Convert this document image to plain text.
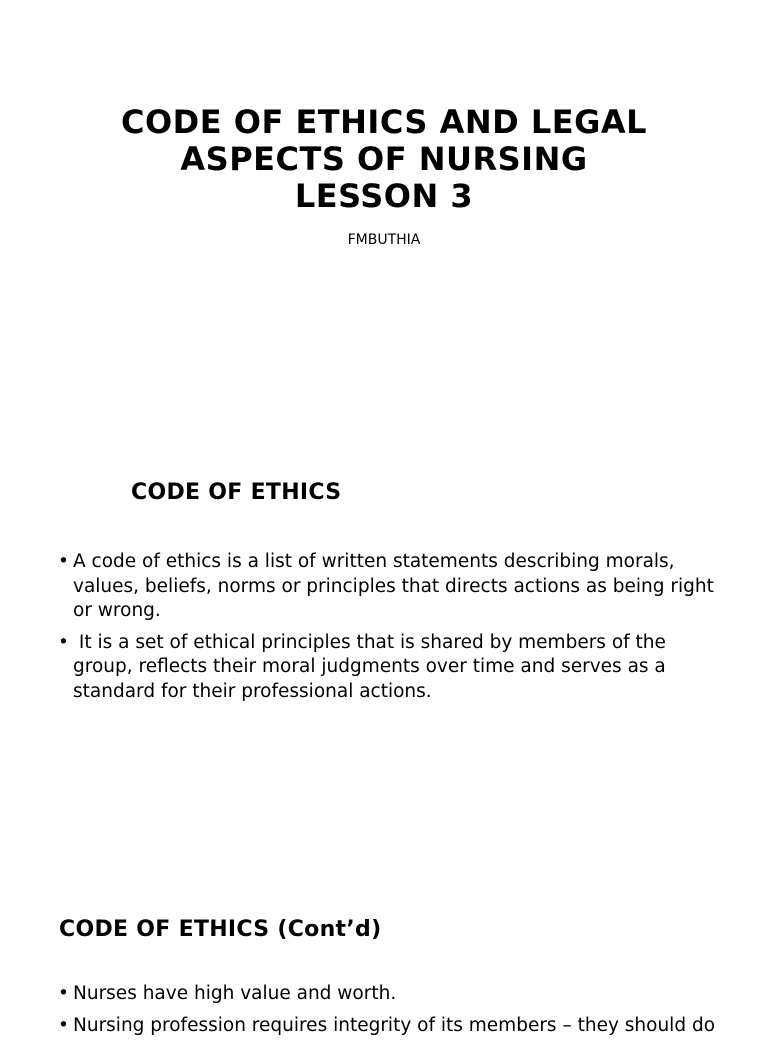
CODE OF ETHICS AND LEGAL
ASPECTS OF NURSING
LESSON 3
FMBUTHIA
CODE OF ETHICS
• A code of ethics is a list of written statements describing morals, values, beliefs, norms or principles that directs actions as being right or wrong.
• It is a set of ethical principles that is shared by members of the group, reflects their moral judgments over time and serves as a standard for their professional actions.
CODE OF ETHICS (Cont’d)
• Nurses have high value and worth.
• Nursing profession requires integrity of its members – they should do
